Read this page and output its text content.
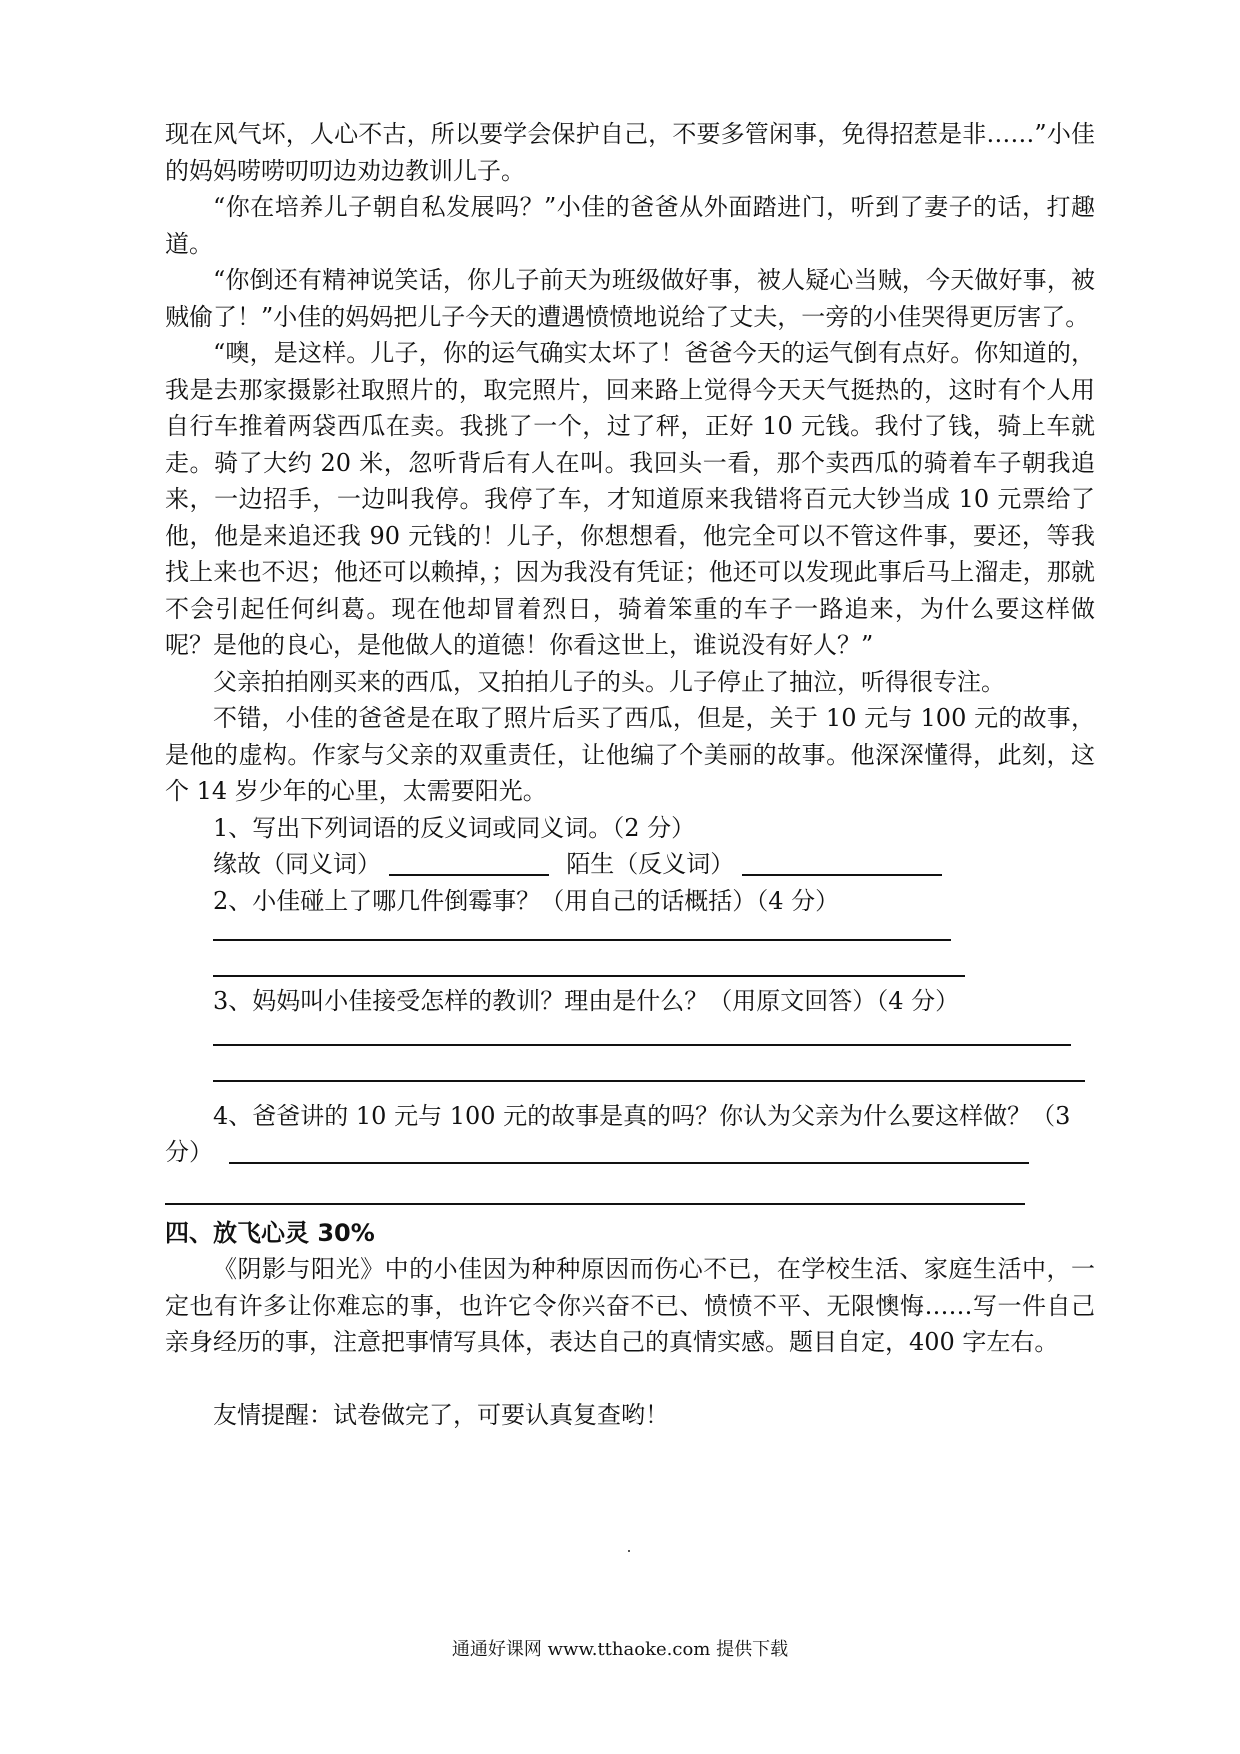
现在风气坏，人心不古，所以要学会保护自己，不要多管闲事，免得招惹是非……”小佳的妈妈唠唠叨叨边劝边教训儿子。

“你在培养儿子朝自私发展吗？”小佳的爸爸从外面踏进门，听到了妻子的话，打趣道。

“你倒还有精神说笑话，你儿子前天为班级做好事，被人疑心当贼，今天做好事，被贼偷了！”小佳的妈妈把儿子今天的遭遇愤愤地说给了丈夫，一旁的小佳哭得更厉害了。

“噢，是这样。儿子，你的运气确实太坏了！爸爸今天的运气倒有点好。你知道的，我是去那家摄影社取照片的，取完照片，回来路上觉得今天天气挺热的，这时有个人用自行车推着两袋西瓜在卖。我挑了一个，过了秤，正好 10 元钱。我付了钱，骑上车就走。骑了大约 20 米，忽听背后有人在叫。我回头一看，那个卖西瓜的骑着车子朝我追来，一边招手，一边叫我停。我停了车，才知道原来我错将百元大钞当成 10 元票给了他，他是来追还我 90 元钱的！儿子，你想想看，他完全可以不管这件事，要还，等我找上来也不迟；他还可以赖掉，；因为我没有凭证；他还可以发现此事后马上溜走，那就不会引起任何纠葛。现在他却冒着烈日，骑着笨重的车子一路追来，为什么要这样做呢？是他的良心，是他做人的道德！你看这世上，谁说没有好人？”

父亲拍拍刚买来的西瓜，又拍拍儿子的头。儿子停止了抽泣，听得很专注。

不错，小佳的爸爸是在取了照片后买了西瓜，但是，关于 10 元与 100 元的故事，是他的虚构。作家与父亲的双重责任，让他编了个美丽的故事。他深深懂得，此刻，这个 14 岁少年的心里，太需要阳光。

1、写出下列词语的反义词或同义词。（2 分）

缘故（同义词）	陌生（反义词）

2、小佳碰上了哪几件倒霉事？（用自己的话概括）（4 分）

3、妈妈叫小佳接受怎样的教训？理由是什么？（用原文回答）（4 分）

4、爸爸讲的 10 元与 100 元的故事是真的吗？你认为父亲为什么要这样做？（3

分）

四、放飞心灵 30%

《阴影与阳光》中的小佳因为种种原因而伤心不已，在学校生活、家庭生活中，一定也有许多让你难忘的事，也许它令你兴奋不已、愤愤不平、无限懊悔……写一件自己亲身经历的事，注意把事情写具体，表达自己的真情实感。题目自定，400 字左右。

友情提醒：试卷做完了，可要认真复查哟！

通通好课网 www.tthaoke.com 提供下载
